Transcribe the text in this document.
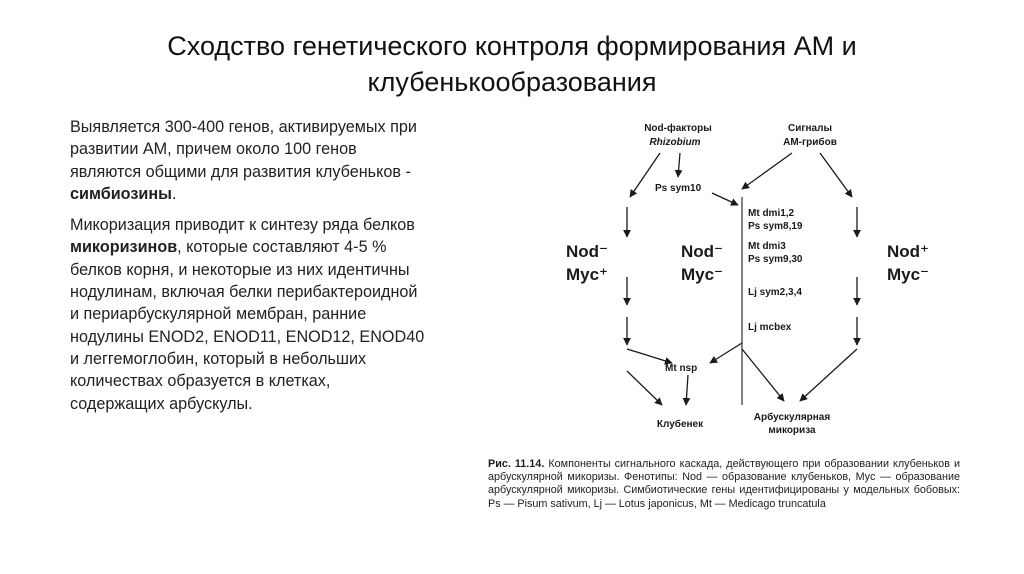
Сходство генетического контроля формирования АМ и
клубенькообразования

Выявляется 300-400 генов, активируемых при развитии АМ, причем около 100 генов являются общими для развития клубеньков - симбиозины.

Микоризация приводит к синтезу ряда белков микоризинов, которые составляют 4-5 % белков корня, и некоторые из них идентичны нодулинам, включая белки перибактероидной и периарбускулярной мембран, ранние нодулины ENOD2, ENOD11, ENOD12, ENOD40 и леггемоглобин, который в небольших количествах образуется в клетках, содержащих арбускулы.

Nod-факторы
Rhizobium
Сигналы
АМ-грибов
Ps sym10
Mt dmi1,2
Ps sym8,19
Mt dmi3
Ps sym9,30
Lj sym2,3,4
Lj mcbex
Mt nsp
Клубенек
Арбускулярная
микориза
Nod⁻
Myc⁺
Nod⁻
Myc⁻
Nod⁺
Myc⁻
Рис. 11.14. Компоненты сигнального каскада, действующего при образовании клубеньков и арбускулярной микоризы. Фенотипы: Nod — образование клубеньков, Myc — образование арбускулярной микоризы. Симбиотические гены идентифицированы у модельных бобовых: Ps — Pisum sativum, Lj — Lotus japonicus, Mt — Medicago truncatula
